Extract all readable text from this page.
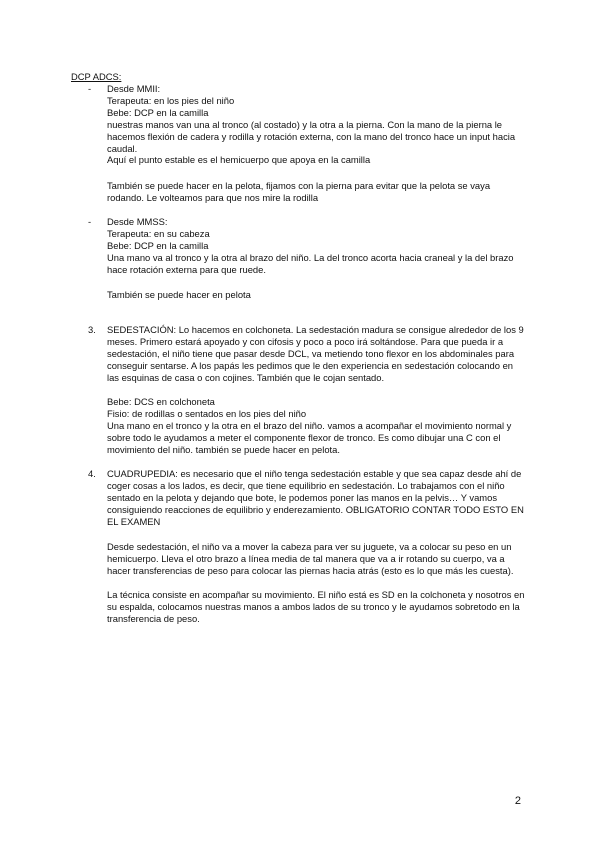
DCP ADCS:
- Desde MMII:

Terapeuta: en los pies del niño

Bebe: DCP en la camilla

nuestras manos van una al tronco (al costado) y la otra a la pierna. Con la mano de la pierna le hacemos flexión de cadera y rodilla y rotación externa, con la mano del tronco hace un input hacia caudal.

Aquí el punto estable es el hemicuerpo que apoya en la camilla

También se puede hacer en la pelota, fijamos con la pierna para evitar que la pelota se vaya rodando. Le volteamos para que nos mire la rodilla

- Desde MMSS:

Terapeuta: en su cabeza

Bebe: DCP en la camilla

Una mano va al tronco y la otra al brazo del niño. La del tronco acorta hacia craneal y la del brazo hace rotación externa para que ruede.

También se puede hacer en pelota

3. SEDESTACIÓN: Lo hacemos en colchoneta. La sedestación madura se consigue alrededor de los 9 meses. Primero estará apoyado y con cifosis y poco a poco irá soltándose. Para que pueda ir a sedestación, el niño tiene que pasar desde DCL, va metiendo tono flexor en los abdominales para conseguir sentarse. A los papás les pedimos que le den experiencia en sedestación colocando en las esquinas de casa o con cojines. También que le cojan sentado.

Bebe: DCS en colchoneta

Fisio: de rodillas o sentados en los pies del niño

Una mano en el tronco y la otra en el brazo del niño. vamos a acompañar el movimiento normal y sobre todo le ayudamos a meter el componente flexor de tronco. Es como dibujar una C con el movimiento del niño. también se puede hacer en pelota.

4. CUADRUPEDIA: es necesario que el niño tenga sedestación estable y que sea capaz desde ahí de coger cosas a los lados, es decir, que tiene equilibrio en sedestación. Lo trabajamos con el niño sentado en la pelota y dejando que bote, le podemos poner las manos en la pelvis… Y vamos consiguiendo reacciones de equilibrio y enderezamiento. OBLIGATORIO CONTAR TODO ESTO EN EL EXAMEN

Desde sedestación, el niño va a mover la cabeza para ver su juguete, va a colocar su peso en un hemicuerpo. Lleva el otro brazo a línea media de tal manera que va a ir rotando su cuerpo, va a hacer transferencias de peso para colocar las piernas hacia atrás (esto es lo que más les cuesta).

La técnica consiste en acompañar su movimiento. El niño está es SD en la colchoneta y nosotros en su espalda, colocamos nuestras manos a ambos lados de su tronco y le ayudamos sobretodo en la transferencia de peso.

2
